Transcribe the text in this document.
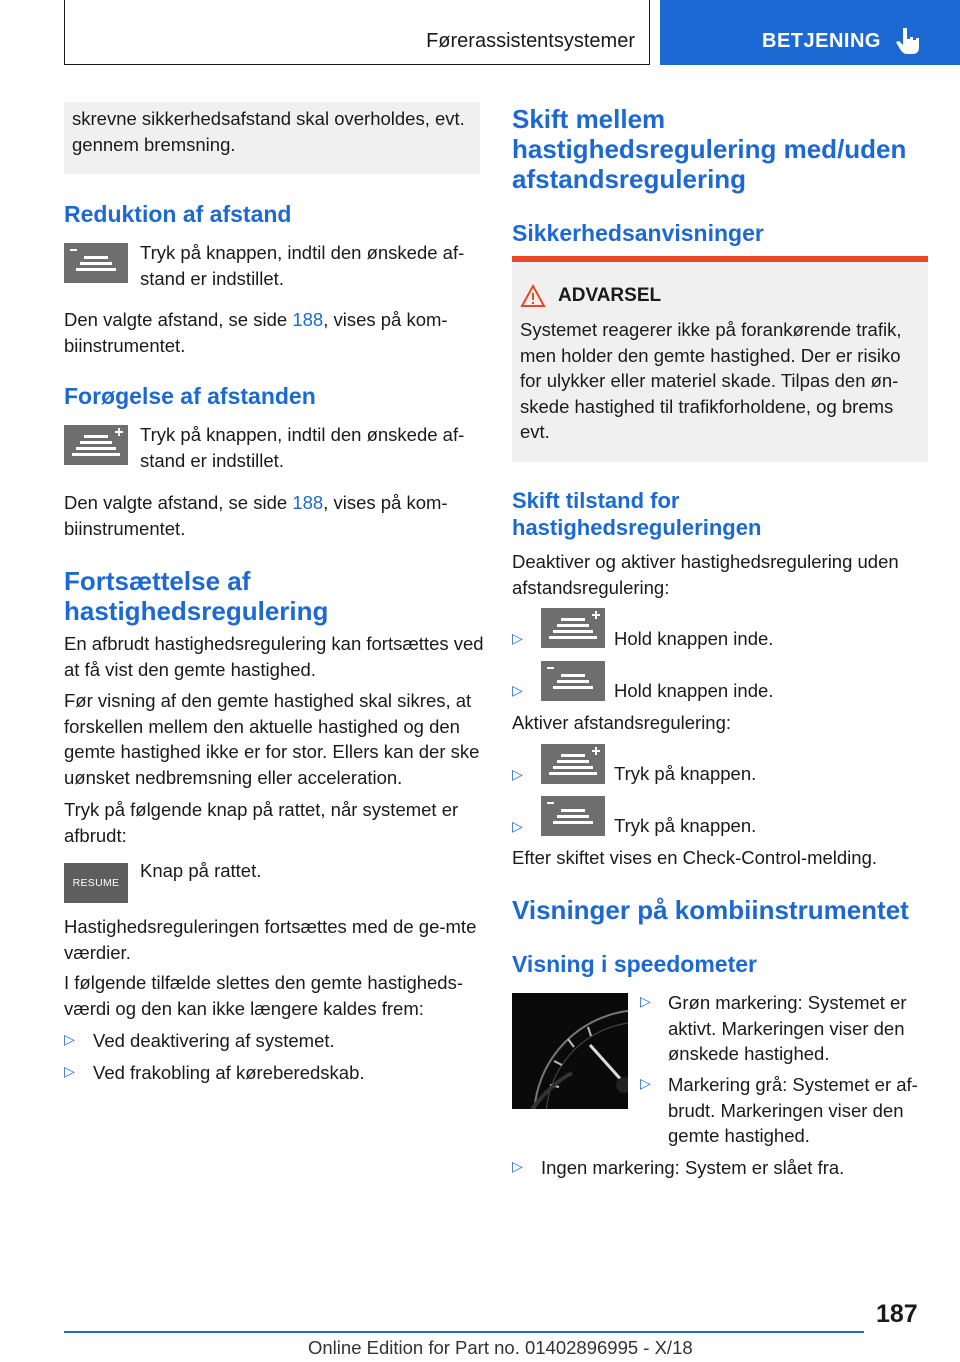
Førerassistentsystemer	BETJENING
skrevne sikkerhedsafstand skal overholdes, evt. gennem bremsning.
Reduktion af afstand
Tryk på knappen, indtil den ønskede af-stand er indstillet.
Den valgte afstand, se side 188, vises på kom-biinstrumentet.
Forøgelse af afstanden
Tryk på knappen, indtil den ønskede af-stand er indstillet.
Den valgte afstand, se side 188, vises på kom-biinstrumentet.
Fortsættelse af hastighedsregulering
En afbrudt hastighedsregulering kan fortsættes ved at få vist den gemte hastighed.
Før visning af den gemte hastighed skal sikres, at forskellen mellem den aktuelle hastighed og den gemte hastighed ikke er for stor. Ellers kan der ske uønsket nedbremsning eller acceleration.
Tryk på følgende knap på rattet, når systemet er afbrudt:
RESUME
Knap på rattet.
Hastighedsreguleringen fortsættes med de ge-mte værdier.
I følgende tilfælde slettes den gemte hastigheds-værdi og den kan ikke længere kaldes frem:
▷ Ved deaktivering af systemet.
▷ Ved frakobling af køreberedskab.
Skift mellem hastighedsregulering med/uden afstandsregulering
Sikkerhedsanvisninger
ADVARSEL
Systemet reagerer ikke på forankørende trafik, men holder den gemte hastighed. Der er risiko for ulykker eller materiel skade. Tilpas den øn-skede hastighed til trafikforholdene, og brems evt.
Skift tilstand for hastighedsreguleringen
Deaktiver og aktiver hastighedsregulering uden afstandsregulering:
▷	Hold knappen inde.
▷	Hold knappen inde.
Aktiver afstandsregulering:
▷	Tryk på knappen.
▷	Tryk på knappen.
Efter skiftet vises en Check-Control-melding.
Visninger på kombiinstrumentet
Visning i speedometer
▷ Grøn markering: Systemet er aktivt. Markeringen viser den ønskede hastighed.
▷ Markering grå: Systemet er af-brudt. Markeringen viser den gemte hastighed.
▷ Ingen markering: System er slået fra.
187
Online Edition for Part no. 01402896995 - X/18
